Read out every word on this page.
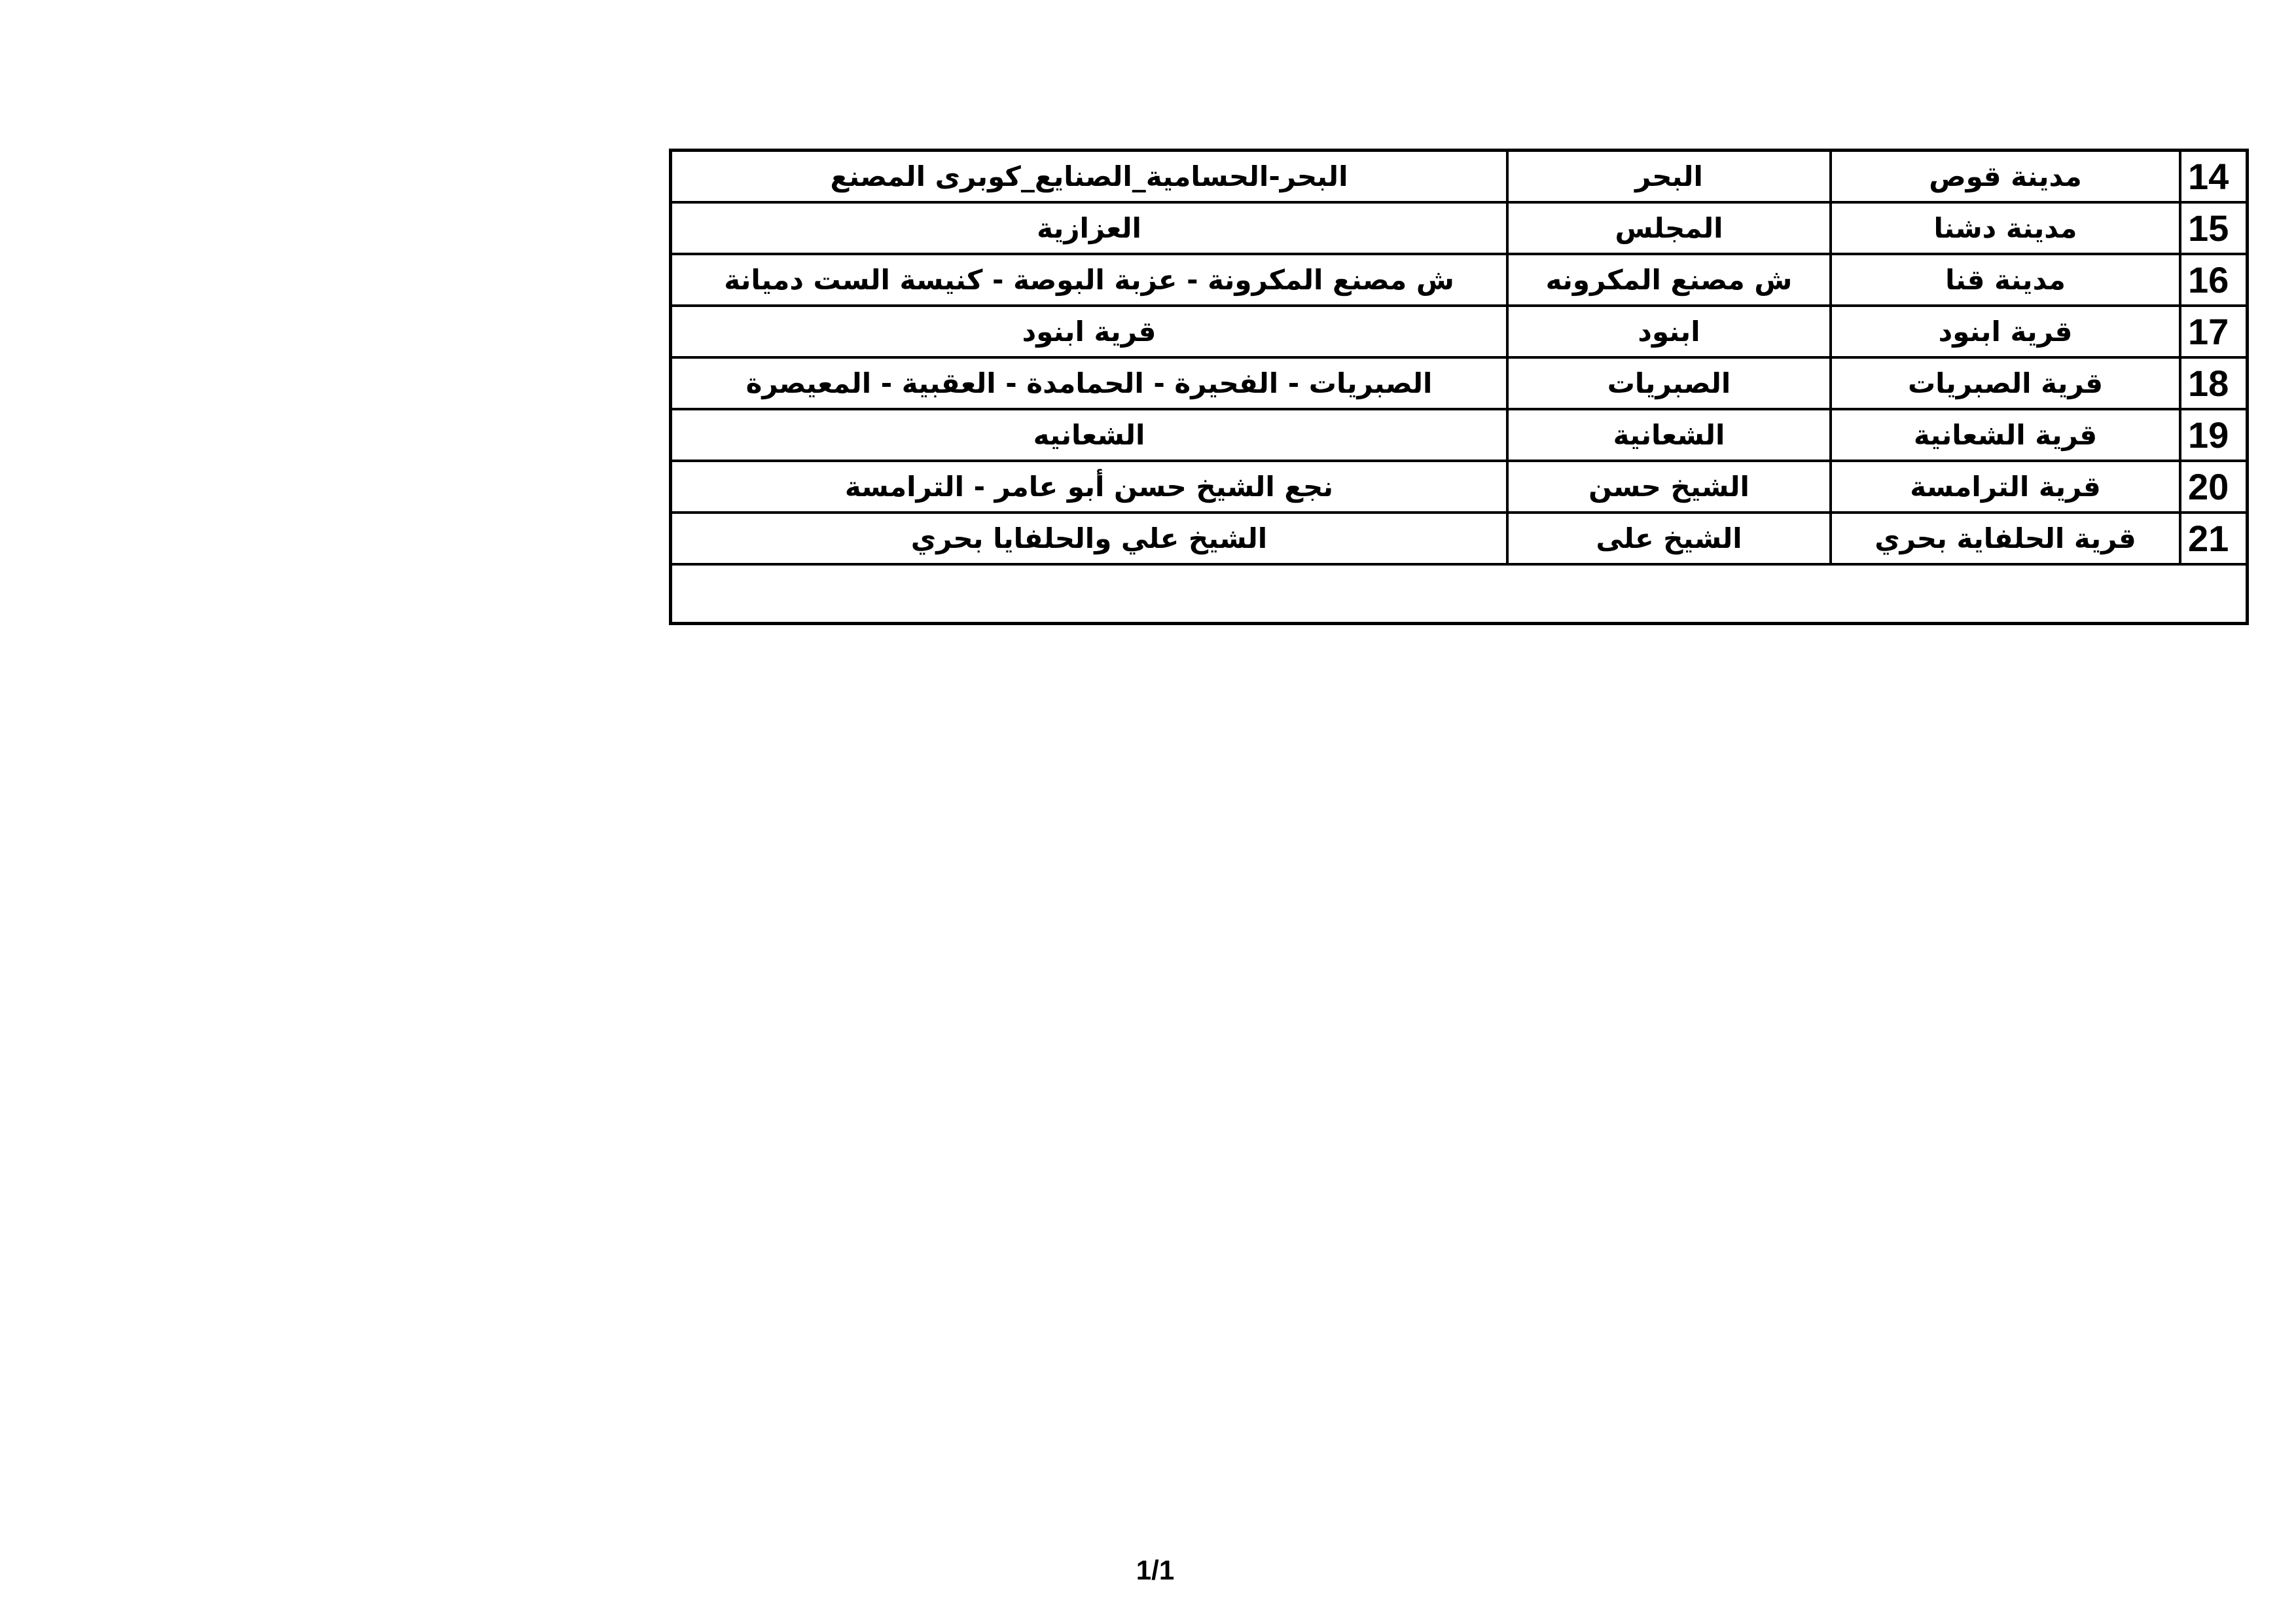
14	مدينة قوص	البحر	البحر-الحسامية_الصنايع_كوبرى المصنع
15	مدينة دشنا	المجلس	العزازية
16	مدينة قنا	ش مصنع المكرونه	ش مصنع المكرونة - عزبة البوصة - كنيسة الست دميانة
17	قرية ابنود	ابنود	قرية ابنود
18	قرية الصبريات	الصبريات	الصبريات - الفحيرة - الحمامدة - العقبية - المعيصرة
19	قرية الشعانية	الشعانية	الشعانيه
20	قرية الترامسة	الشيخ حسن	نجع الشيخ حسن أبو عامر - الترامسة
21	قرية الحلفاية بحري	الشيخ على	الشيخ علي والحلفايا بحري

1/1
